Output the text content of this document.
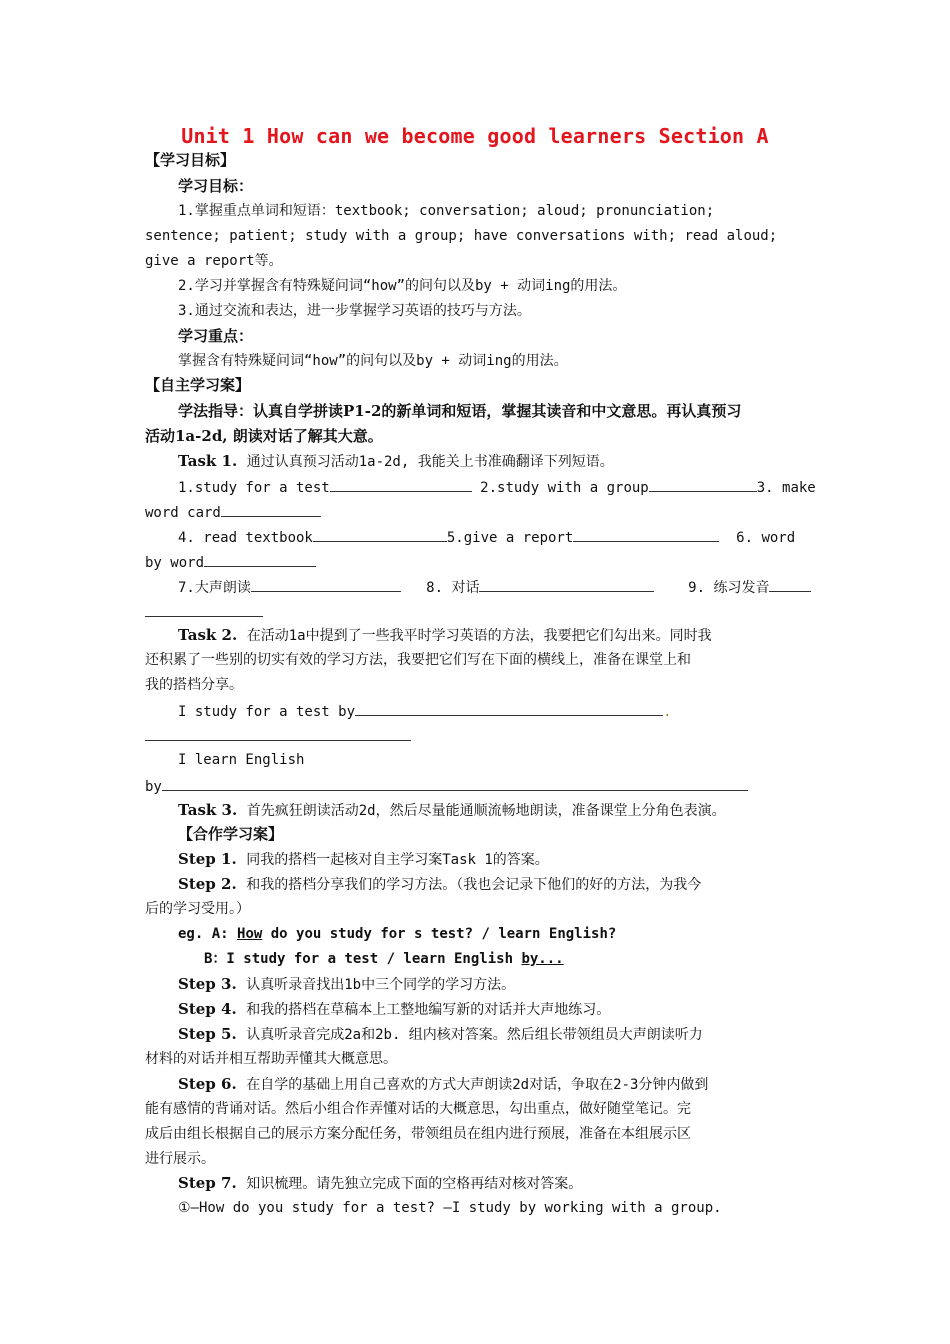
Unit 1 How can we become good learners Section A
【学习目标】
学习目标：
1.掌握重点单词和短语：textbook; conversation; aloud; pronunciation;
sentence; patient; study with a group; have conversations with; read aloud;
give a report等。
2.学习并掌握含有特殊疑问词“how”的问句以及by + 动词ing的用法。
3.通过交流和表达，进一步掌握学习英语的技巧与方法。
学习重点：
掌握含有特殊疑问词“how”的问句以及by + 动词ing的用法。
【自主学习案】
学法指导：认真自学拼读P1-2的新单词和短语，掌握其读音和中文意思。再认真预习
活动1a-2d, 朗读对话了解其大意。
Task 1. 通过认真预习活动1a-2d, 我能关上书准确翻译下列短语。
1.study for a test	2.study with a group	3. make
word card
4. read textbook	5.give a report	6. word
by word
7.大声朗读	8. 对话	9. 练习发音
Task 2. 在活动1a中提到了一些我平时学习英语的方法，我要把它们勾出来。同时我
还积累了一些别的切实有效的学习方法，我要把它们写在下面的横线上，准备在课堂上和
我的搭档分享。
I study for a test by	.
I learn English
by
Task 3. 首先疯狂朗读活动2d，然后尽量能通顺流畅地朗读，准备课堂上分角色表演。
【合作学习案】
Step 1. 同我的搭档一起核对自主学习案Task 1的答案。
Step 2. 和我的搭档分享我们的学习方法。（我也会记录下他们的好的方法，为我今
后的学习受用。）
eg. A: How do you study for s test? / learn English?
B：I study for a test / learn English by...
Step 3. 认真听录音找出1b中三个同学的学习方法。
Step 4. 和我的搭档在草稿本上工整地编写新的对话并大声地练习。
Step 5. 认真听录音完成2a和2b. 组内核对答案。然后组长带领组员大声朗读听力
材料的对话并相互帮助弄懂其大概意思。
Step 6. 在自学的基础上用自己喜欢的方式大声朗读2d对话，争取在2-3分钟内做到
能有感情的背诵对话。然后小组合作弄懂对话的大概意思，勾出重点，做好随堂笔记。完
成后由组长根据自己的展示方案分配任务，带领组员在组内进行预展，准备在本组展示区
进行展示。
Step 7. 知识梳理。请先独立完成下面的空格再结对核对答案。
①—How do you study for a test? —I study by working with a group.
